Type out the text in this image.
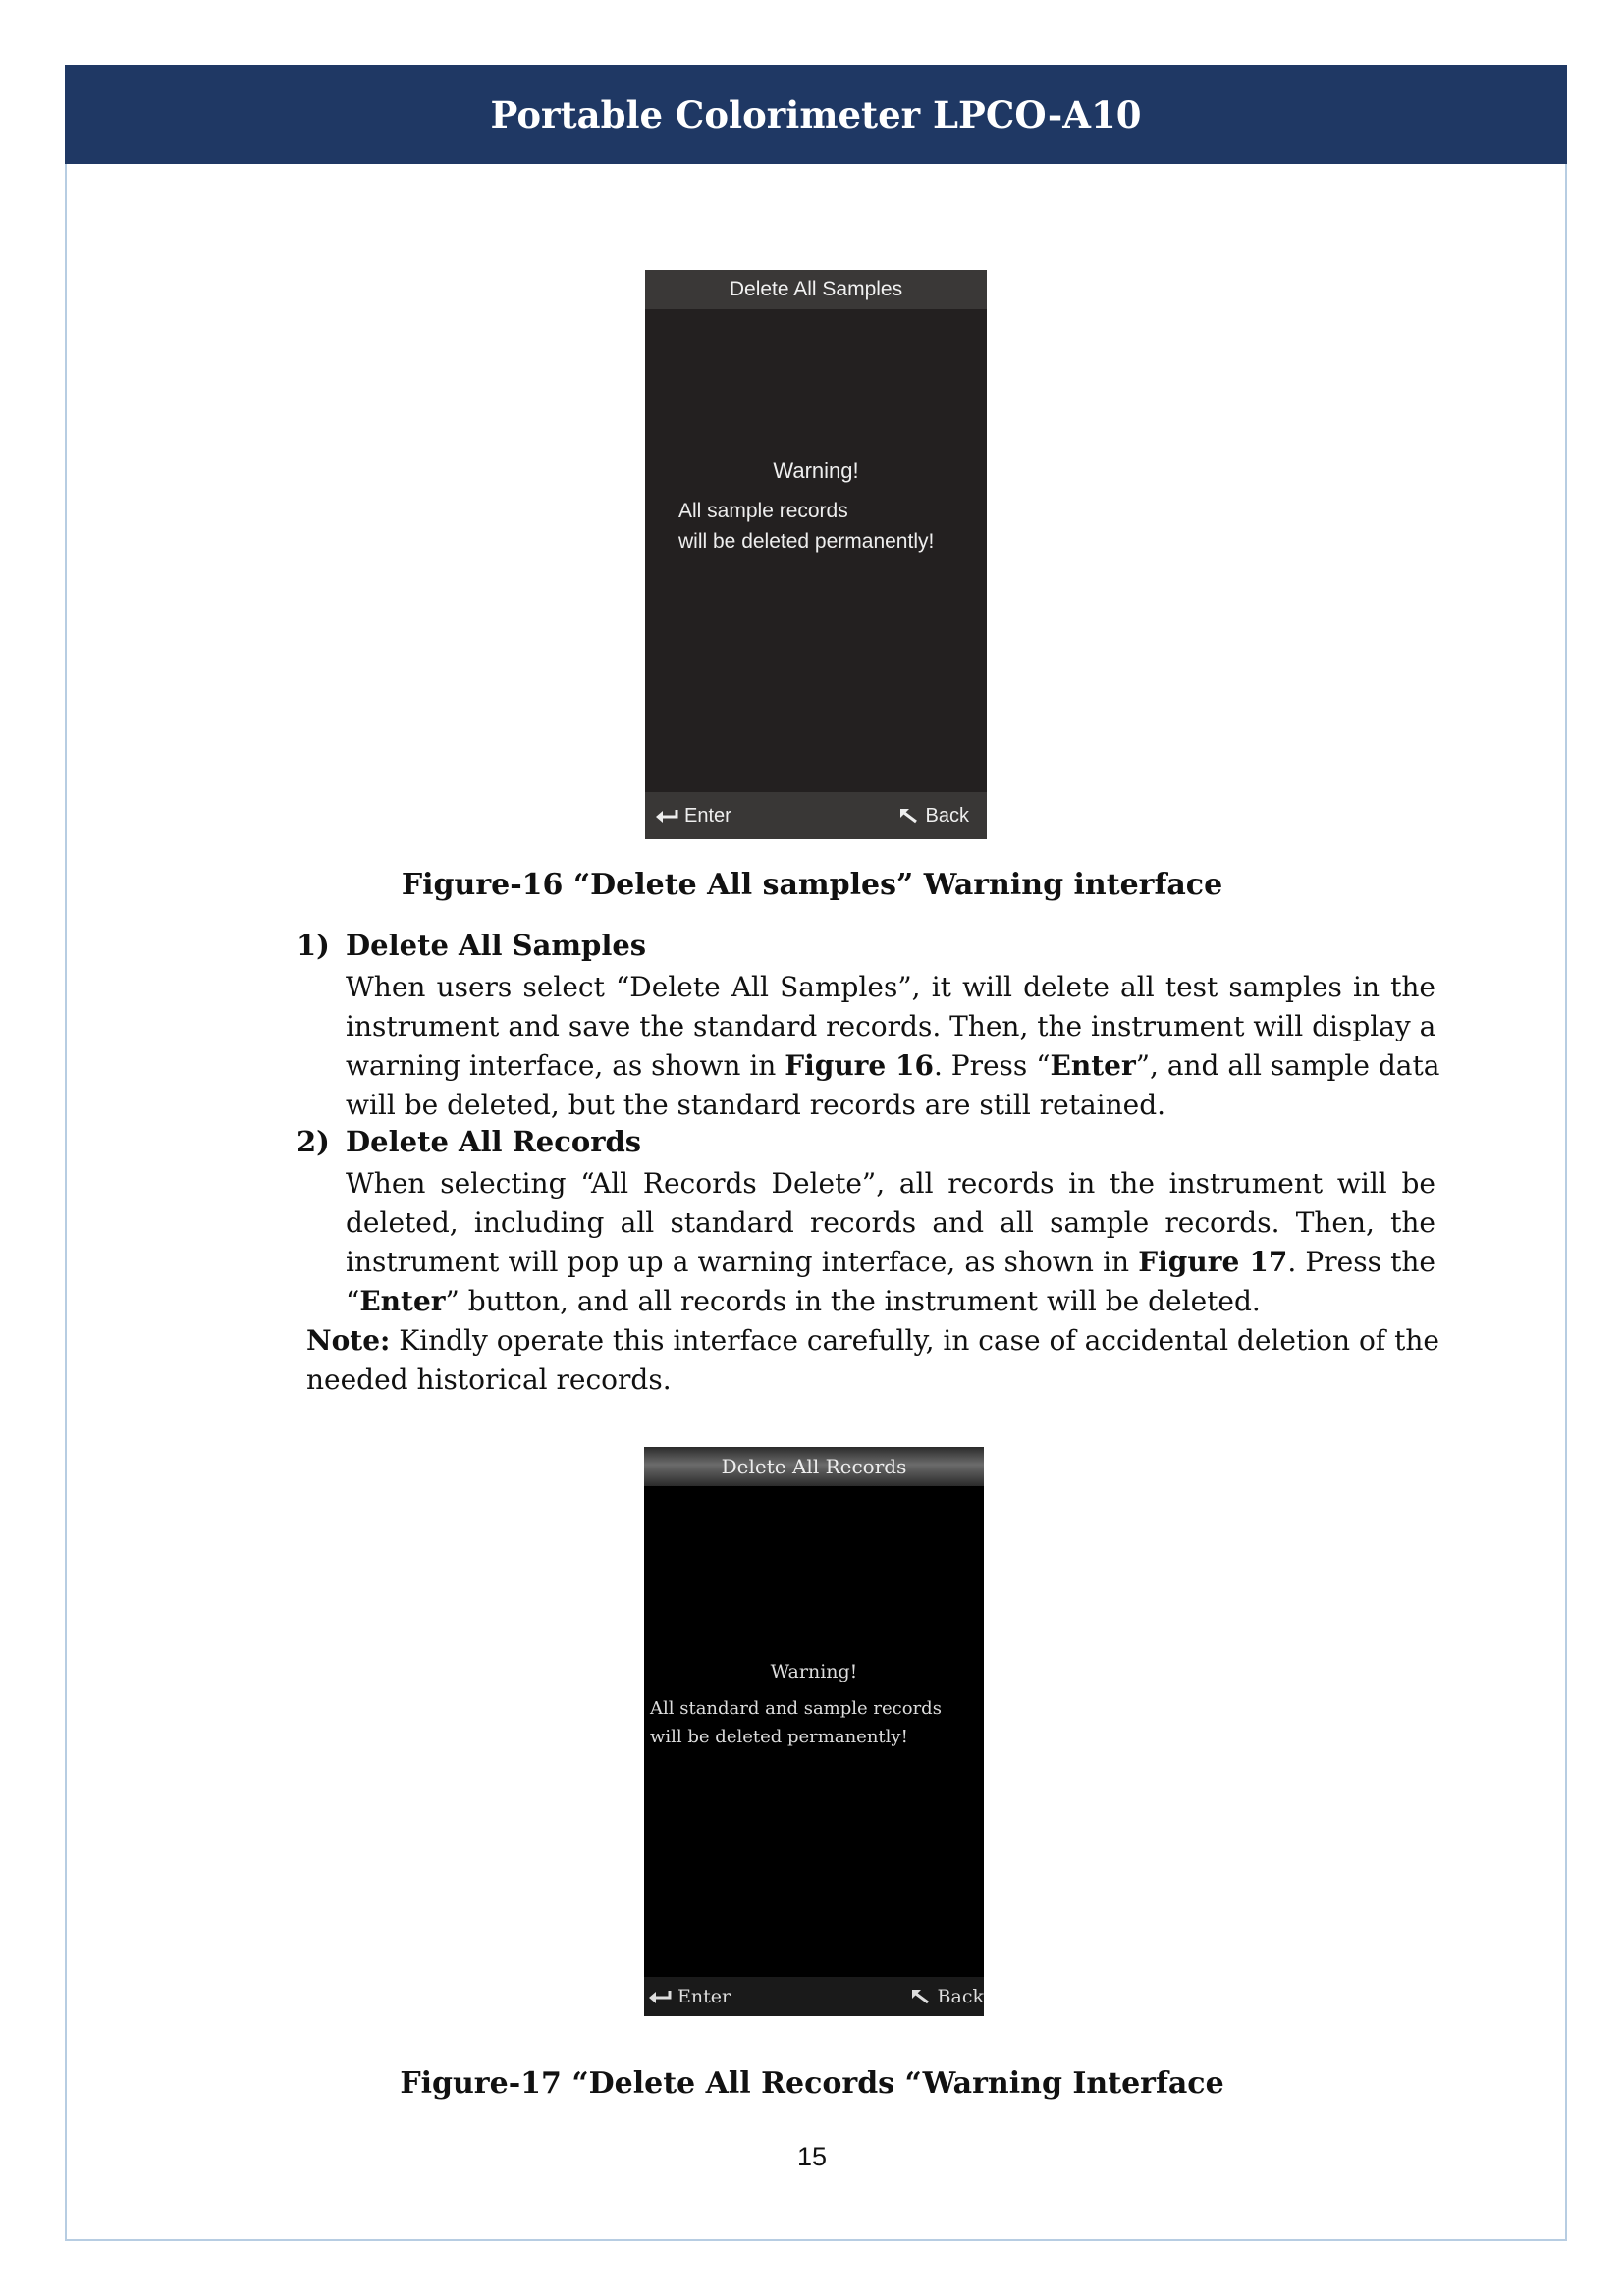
Portable Colorimeter LPCO-A10
Delete All Samples
Warning!
All sample records
will be deleted permanently!
Enter	Back
Figure-16 “Delete All samples” Warning interface
1) Delete All Samples
When users select “Delete All Samples”, it will delete all test samples in the
instrument and save the standard records. Then, the instrument will display a
warning interface, as shown in Figure 16. Press “Enter”, and all sample data
will be deleted, but the standard records are still retained.
2) Delete All Records
When selecting “All Records Delete”, all records in the instrument will be
deleted, including all standard records and all sample records. Then, the
instrument will pop up a warning interface, as shown in Figure 17. Press the
“Enter” button, and all records in the instrument will be deleted.
Note: Kindly operate this interface carefully, in case of accidental deletion of the
needed historical records.
Delete All Records
Warning!
All standard and sample records
will be deleted permanently!
Enter	Back
Figure-17 “Delete All Records “Warning Interface
15
